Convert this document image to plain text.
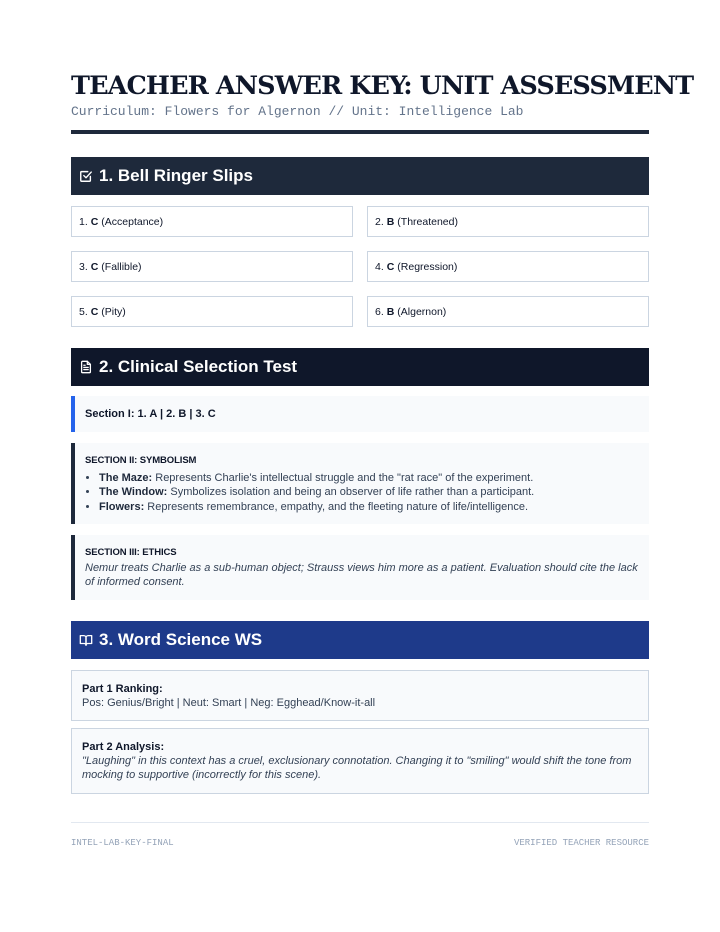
TEACHER ANSWER KEY: UNIT ASSESSMENT
Curriculum: Flowers for Algernon // Unit: Intelligence Lab
1. Bell Ringer Slips
1.
C (Acceptance)	2.
B (Threatened)
3.
C (Fallible)	4.
C (Regression)
5.
C (Pity)	6.
B (Algernon)
2. Clinical Selection Test
Section I: 1. A | 2. B | 3. C
SECTION II: SYMBOLISM
• The Maze: Represents Charlie's intellectual struggle and the "rat race" of the experiment.
• The Window: Symbolizes isolation and being an observer of life rather than a participant.
• Flowers: Represents remembrance, empathy, and the fleeting nature of life/intelligence.
SECTION III: ETHICS
Nemur treats Charlie as a sub-human object; Strauss views him more as a patient. Evaluation should cite the lack of informed consent.
3. Word Science WS
Part 1 Ranking:
Pos: Genius/Bright | Neut: Smart | Neg: Egghead/Know-it-all
Part 2 Analysis:
"Laughing" in this context has a cruel, exclusionary connotation. Changing it to "smiling" would shift the tone from mocking to supportive (incorrectly for this scene).
INTEL-LAB-KEY-FINAL	VERIFIED TEACHER RESOURCE
